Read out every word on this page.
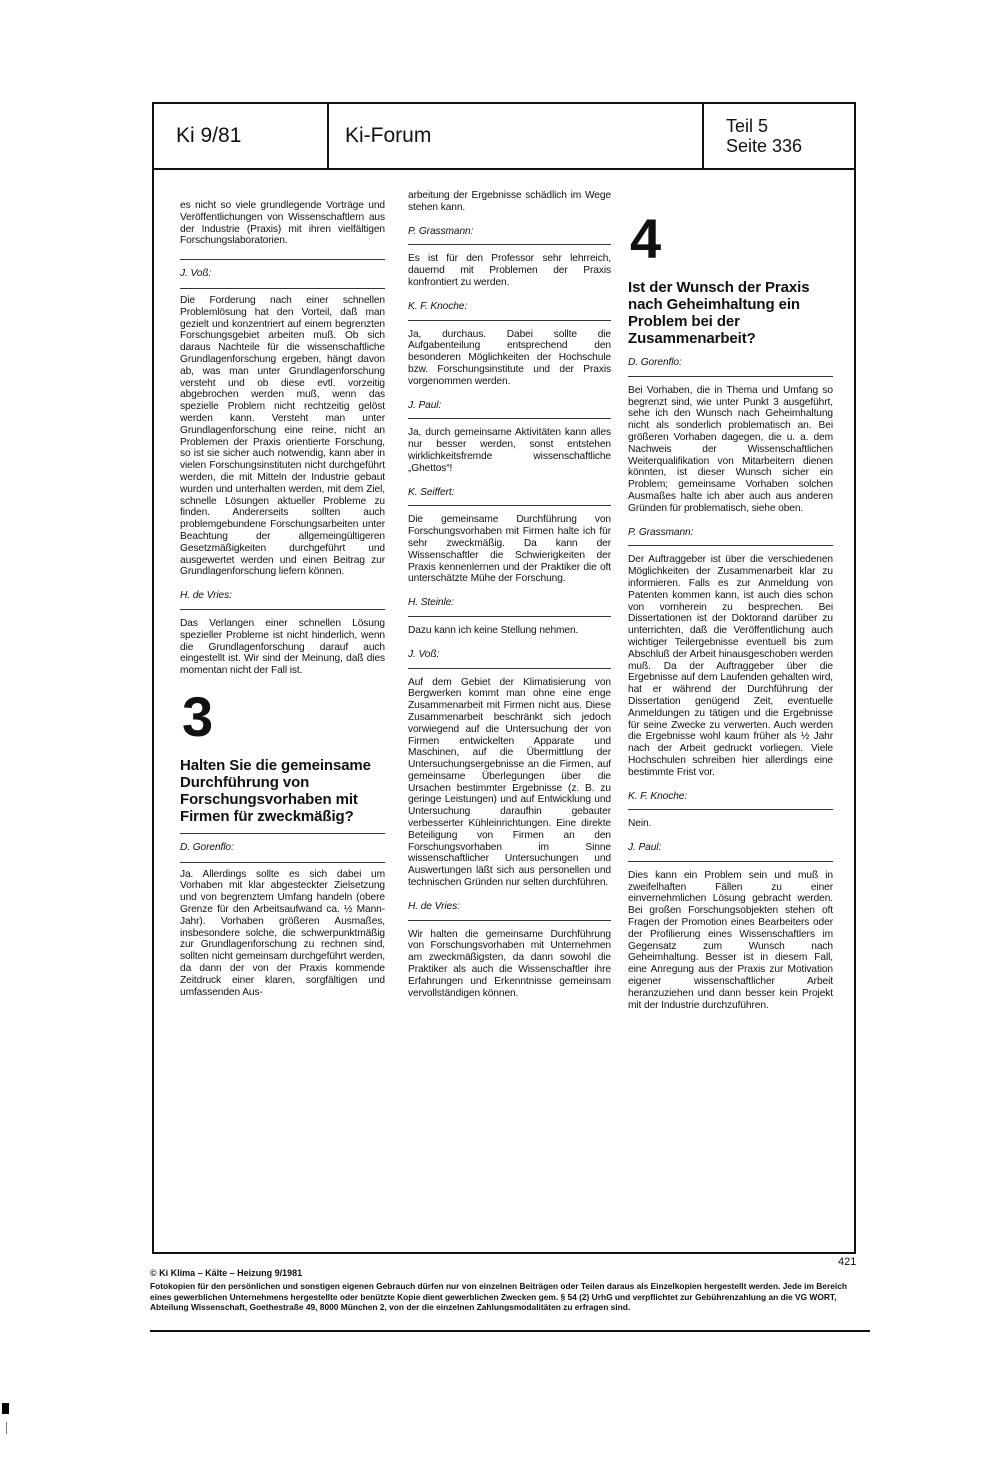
Ki 9/81	Ki-Forum	Teil 5
Seite 336

es nicht so viele grundlegende Vorträge und Veröffentlichungen von Wissenschaftlern aus der Industrie (Praxis) mit ihren vielfältigen Forschungslaboratorien.

J. Voß:

Die Forderung nach einer schnellen Problemlösung hat den Vorteil, daß man gezielt und konzentriert auf einem begrenzten Forschungsgebiet arbeiten muß. Ob sich daraus Nachteile für die wissenschaftliche Grundlagenforschung ergeben, hängt davon ab, was man unter Grundlagenforschung versteht und ob diese evtl. vorzeitig abgebrochen werden muß, wenn das spezielle Problem nicht rechtzeitig gelöst werden kann. Versteht man unter Grundlagenforschung eine reine, nicht an Problemen der Praxis orientierte Forschung, so ist sie sicher auch notwendig, kann aber in vielen Forschungsinstituten nicht durchgeführt werden, die mit Mitteln der Industrie gebaut wurden und unterhalten werden, mit dem Ziel, schnelle Lösungen aktueller Probleme zu finden. Andererseits sollten auch problemgebundene Forschungsarbeiten unter Beachtung der allgemeingültigeren Gesetzmäßigkeiten durchgeführt und ausgewertet werden und einen Beitrag zur Grundlagenforschung liefern können.

H. de Vries:

Das Verlangen einer schnellen Lösung spezieller Probleme ist nicht hinderlich, wenn die Grundlagenforschung darauf auch eingestellt ist. Wir sind der Meinung, daß dies momentan nicht der Fall ist.

3
Halten Sie die gemeinsame Durchführung von Forschungsvorhaben mit Firmen für zweckmäßig?
D. Gorenflo:

Ja. Allerdings sollte es sich dabei um Vorhaben mit klar abgesteckter Zielsetzung und von begrenztem Umfang handeln (obere Grenze für den Arbeitsaufwand ca. ½ Mann-Jahr). Vorhaben größeren Ausmaßes, insbesondere solche, die schwerpunktmäßig zur Grundlagenforschung zu rechnen sind, sollten nicht gemeinsam durchgeführt werden, da dann der von der Praxis kommende Zeitdruck einer klaren, sorgfältigen und umfassenden Aus-

arbeitung der Ergebnisse schädlich im Wege stehen kann.

P. Grassmann:

Es ist für den Professor sehr lehrreich, dauernd mit Problemen der Praxis konfrontiert zu werden.

K. F. Knoche:

Ja, durchaus. Dabei sollte die Aufgabenteilung entsprechend den besonderen Möglichkeiten der Hochschule bzw. Forschungsinstitute und der Praxis vorgenommen werden.

J. Paul:

Ja, durch gemeinsame Aktivitäten kann alles nur besser werden, sonst entstehen wirklichkeitsfremde wissenschaftliche „Ghettos“!

K. Seiffert:

Die gemeinsame Durchführung von Forschungsvorhaben mit Firmen halte ich für sehr zweckmäßig. Da kann der Wissenschaftler die Schwierigkeiten der Praxis kennenlernen und der Praktiker die oft unterschätzte Mühe der Forschung.

H. Steinle:

Dazu kann ich keine Stellung nehmen.

J. Voß:

Auf dem Gebiet der Klimatisierung von Bergwerken kommt man ohne eine enge Zusammenarbeit mit Firmen nicht aus. Diese Zusammenarbeit beschränkt sich jedoch vorwiegend auf die Untersuchung der von Firmen entwickelten Apparate und Maschinen, auf die Übermittlung der Untersuchungsergebnisse an die Firmen, auf gemeinsame Überlegungen über die Ursachen bestimmter Ergebnisse (z. B. zu geringe Leistungen) und auf Entwicklung und Untersuchung daraufhin gebauter verbesserter Kühleinrichtungen. Eine direkte Beteiligung von Firmen an den Forschungsvorhaben im Sinne wissenschaftlicher Untersuchungen und Auswertungen läßt sich aus personellen und technischen Gründen nur selten durchführen.

H. de Vries:

Wir halten die gemeinsame Durchführung von Forschungsvorhaben mit Unternehmen am zweckmäßigsten, da dann sowohl die Praktiker als auch die Wissenschaftler ihre Erfahrungen und Erkenntnisse gemeinsam vervollständigen können.

4
Ist der Wunsch der Praxis nach Geheimhaltung ein Problem bei der Zusammenarbeit?
D. Gorenflo:

Bei Vorhaben, die in Thema und Umfang so begrenzt sind, wie unter Punkt 3 ausgeführt, sehe ich den Wunsch nach Geheimhaltung nicht als sonderlich problematisch an. Bei größeren Vorhaben dagegen, die u. a. dem Nachweis der Wissenschaftlichen Weiterqualifikation von Mitarbeitern dienen könnten, ist dieser Wunsch sicher ein Problem; gemeinsame Vorhaben solchen Ausmaßes halte ich aber auch aus anderen Gründen für problematisch, siehe oben.

P. Grassmann:

Der Auftraggeber ist über die verschiedenen Möglichkeiten der Zusammenarbeit klar zu informieren. Falls es zur Anmeldung von Patenten kommen kann, ist auch dies schon von vornherein zu besprechen. Bei Dissertationen ist der Doktorand darüber zu unterrichten, daß die Veröffentlichung auch wichtiger Teilergebnisse eventuell bis zum Abschluß der Arbeit hinausgeschoben werden muß. Da der Auftraggeber über die Ergebnisse auf dem Laufenden gehalten wird, hat er während der Durchführung der Dissertation genügend Zeit, eventuelle Anmeldungen zu tätigen und die Ergebnisse für seine Zwecke zu verwerten. Auch werden die Ergebnisse wohl kaum früher als ½ Jahr nach der Arbeit gedruckt vorliegen. Viele Hochschulen schreiben hier allerdings eine bestimmte Frist vor.

K. F. Knoche:

Nein.

J. Paul:

Dies kann ein Problem sein und muß in zweifelhaften Fällen zu einer einvernehmlichen Lösung gebracht werden. Bei großen Forschungsobjekten stehen oft Fragen der Promotion eines Bearbeiters oder der Profilierung eines Wissenschaftlers im Gegensatz zum Wunsch nach Geheimhaltung. Besser ist in diesem Fall, eine Anregung aus der Praxis zur Motivation eigener wissenschaftlicher Arbeit heranzuziehen und dann besser kein Projekt mit der Industrie durchzuführen.

421
© Ki Klima – Kälte – Heizung 9/1981
Fotokopien für den persönlichen und sonstigen eigenen Gebrauch dürfen nur von einzelnen Beiträgen oder Teilen daraus als Einzelkopien hergestellt werden. Jede im Bereich eines gewerblichen Unternehmens hergestellte oder benützte Kopie dient gewerblichen Zwecken gem. § 54 (2) UrhG und verpflichtet zur Gebührenzahlung an die VG WORT, Abteilung Wissenschaft, Goethestraße 49, 8000 München 2, von der die einzelnen Zahlungsmodalitäten zu erfragen sind.
